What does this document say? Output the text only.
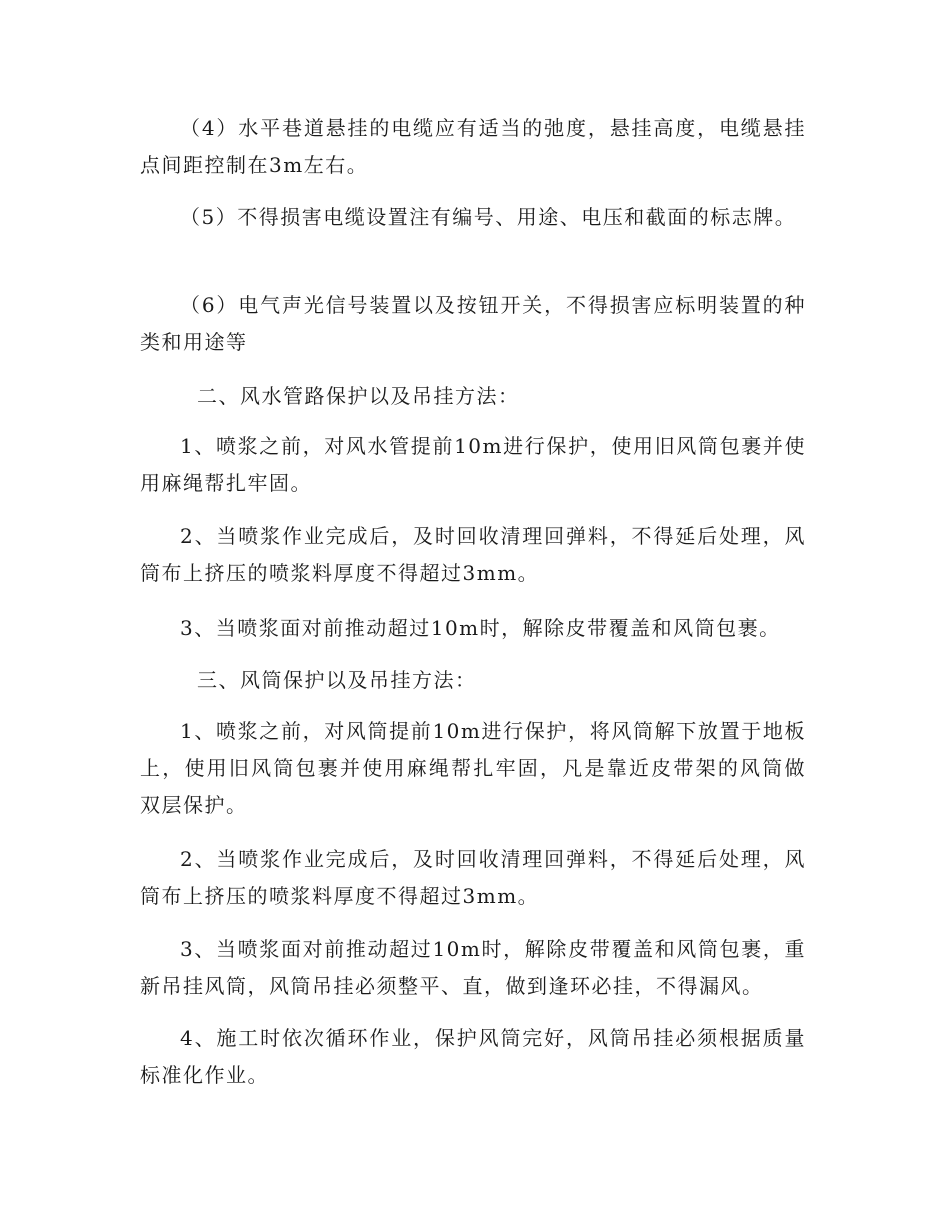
（4）水平巷道悬挂的电缆应有适当的弛度，悬挂高度，电缆悬挂点间距控制在3m左右。

（5）不得损害电缆设置注有编号、用途、电压和截面的标志牌。

（6）电气声光信号装置以及按钮开关，不得损害应标明装置的种类和用途等

二、风水管路保护以及吊挂方法：

1、喷浆之前，对风水管提前10m进行保护，使用旧风筒包裹并使用麻绳帮扎牢固。

2、当喷浆作业完成后，及时回收清理回弹料，不得延后处理，风筒布上挤压的喷浆料厚度不得超过3mm。

3、当喷浆面对前推动超过10m时，解除皮带覆盖和风筒包裹。

三、风筒保护以及吊挂方法：

1、喷浆之前，对风筒提前10m进行保护，将风筒解下放置于地板上，使用旧风筒包裹并使用麻绳帮扎牢固，凡是靠近皮带架的风筒做双层保护。

2、当喷浆作业完成后，及时回收清理回弹料，不得延后处理，风筒布上挤压的喷浆料厚度不得超过3mm。

3、当喷浆面对前推动超过10m时，解除皮带覆盖和风筒包裹，重新吊挂风筒，风筒吊挂必须整平、直，做到逢环必挂，不得漏风。

4、施工时依次循环作业，保护风筒完好，风筒吊挂必须根据质量标准化作业。
